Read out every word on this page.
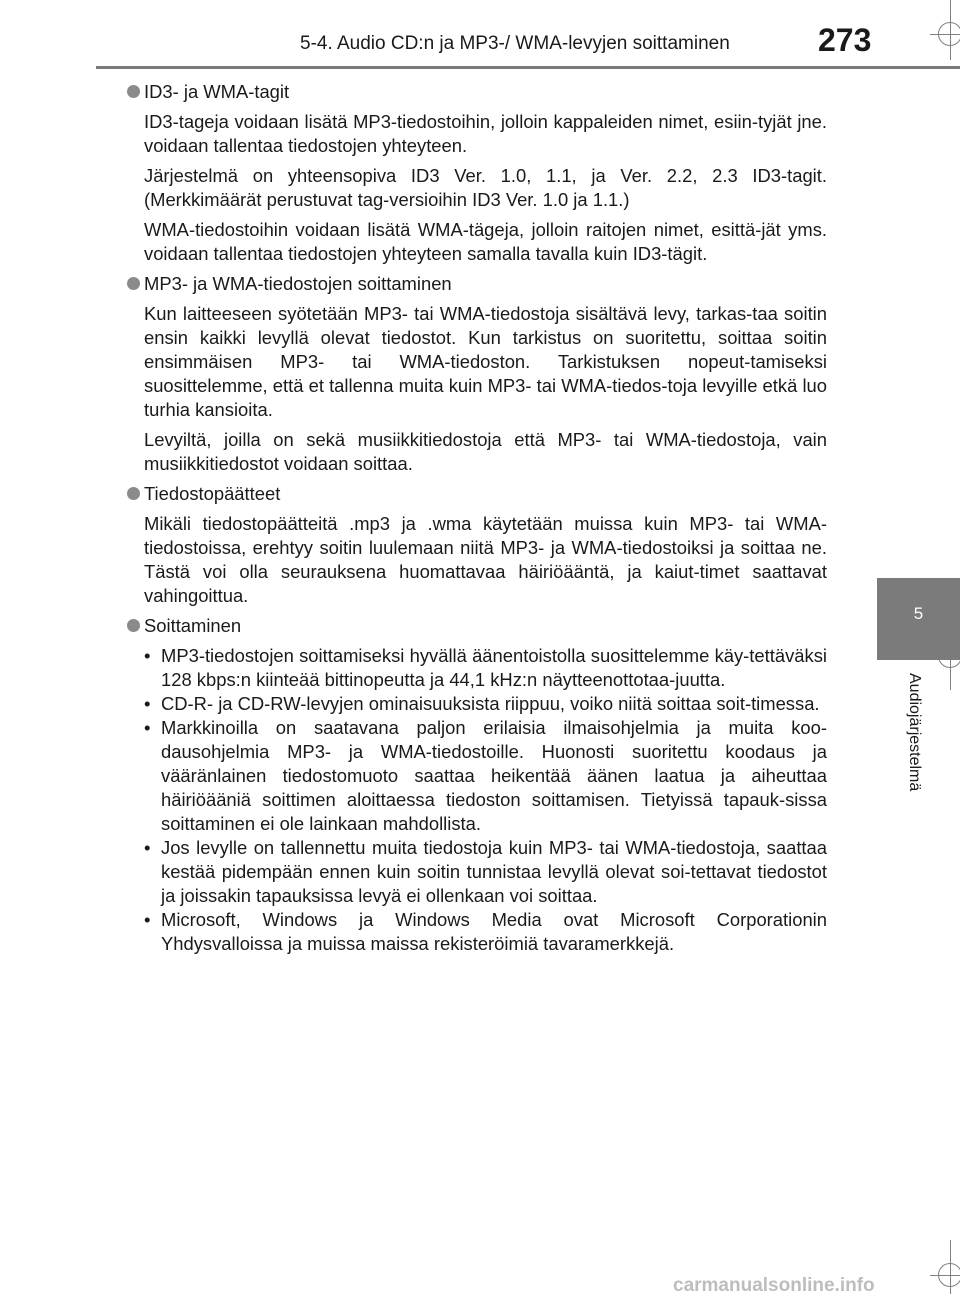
5-4. Audio CD:n ja MP3-/ WMA-levyjen soittaminen	273
5
Audiojärjestelmä
ID3- ja WMA-tagit

ID3-tageja voidaan lisätä MP3-tiedostoihin, jolloin kappaleiden nimet, esiin-tyjät jne. voidaan tallentaa tiedostojen yhteyteen.

Järjestelmä on yhteensopiva ID3 Ver. 1.0, 1.1, ja Ver. 2.2, 2.3 ID3-tagit. (Merkkimäärät perustuvat tag-versioihin ID3 Ver. 1.0 ja 1.1.)

WMA-tiedostoihin voidaan lisätä WMA-tägeja, jolloin raitojen nimet, esittä-jät yms. voidaan tallentaa tiedostojen yhteyteen samalla tavalla kuin ID3-tägit.

MP3- ja WMA-tiedostojen soittaminen

Kun laitteeseen syötetään MP3- tai WMA-tiedostoja sisältävä levy, tarkas-taa soitin ensin kaikki levyllä olevat tiedostot. Kun tarkistus on suoritettu, soittaa soitin ensimmäisen MP3- tai WMA-tiedoston. Tarkistuksen nopeut-tamiseksi suosittelemme, että et tallenna muita kuin MP3- tai WMA-tiedos-toja levyille etkä luo turhia kansioita.

Levyiltä, joilla on sekä musiikkitiedostoja että MP3- tai WMA-tiedostoja, vain musiikkitiedostot voidaan soittaa.

Tiedostopäätteet

Mikäli tiedostopäätteitä .mp3 ja .wma käytetään muissa kuin MP3- tai WMA-tiedostoissa, erehtyy soitin luulemaan niitä MP3- ja WMA-tiedostoiksi ja soittaa ne. Tästä voi olla seurauksena huomattavaa häiriöääntä, ja kaiut-timet saattavat vahingoittua.

Soittaminen
• MP3-tiedostojen soittamiseksi hyvällä äänentoistolla suosittelemme käy-tettäväksi 128 kbps:n kiinteää bittinopeutta ja 44,1 kHz:n näytteenottotaa-juutta.
• CD-R- ja CD-RW-levyjen ominaisuuksista riippuu, voiko niitä soittaa soit-timessa.
• Markkinoilla on saatavana paljon erilaisia ilmaisohjelmia ja muita koo-dausohjelmia MP3- ja WMA-tiedostoille. Huonosti suoritettu koodaus ja vääränlainen tiedostomuoto saattaa heikentää äänen laatua ja aiheuttaa häiriöääniä soittimen aloittaessa tiedoston soittamisen. Tietyissä tapauk-sissa soittaminen ei ole lainkaan mahdollista.
• Jos levylle on tallennettu muita tiedostoja kuin MP3- tai WMA-tiedostoja, saattaa kestää pidempään ennen kuin soitin tunnistaa levyllä olevat soi-tettavat tiedostot ja joissakin tapauksissa levyä ei ollenkaan voi soittaa.
• Microsoft, Windows ja Windows Media ovat Microsoft Corporationin Yhdysvalloissa ja muissa maissa rekisteröimiä tavaramerkkejä.
carmanualsonline.info
